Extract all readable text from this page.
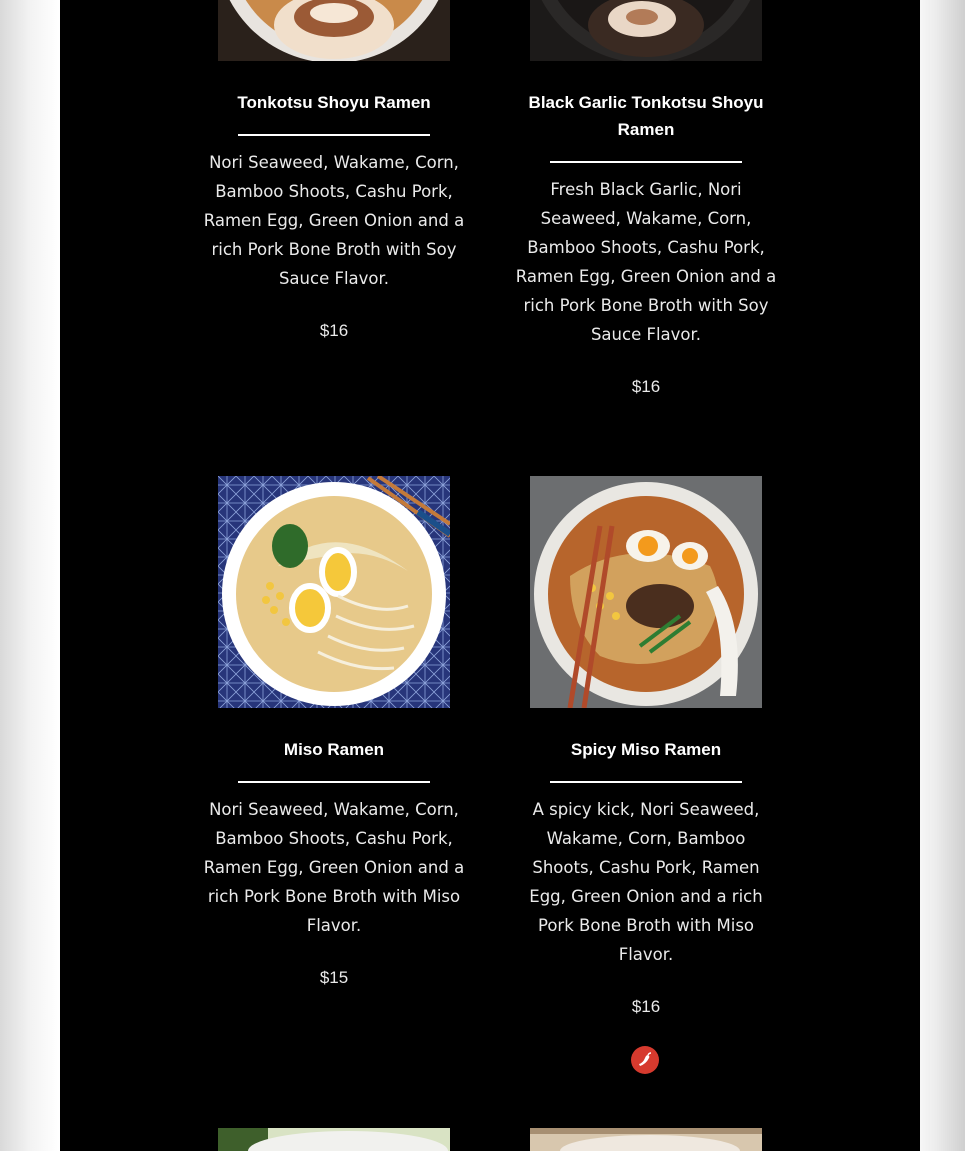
Tonkotsu Shoyu Ramen
Nori Seaweed, Wakame, Corn, Bamboo Shoots, Cashu Pork, Ramen Egg, Green Onion and a rich Pork Bone Broth with Soy Sauce Flavor.
$16
Black Garlic Tonkotsu Shoyu Ramen
Fresh Black Garlic, Nori Seaweed, Wakame, Corn, Bamboo Shoots, Cashu Pork, Ramen Egg, Green Onion and a rich Pork Bone Broth with Soy Sauce Flavor.
$16
Miso Ramen
Nori Seaweed, Wakame, Corn, Bamboo Shoots, Cashu Pork, Ramen Egg, Green Onion and a rich Pork Bone Broth with Miso Flavor.
$15
Spicy Miso Ramen
A spicy kick, Nori Seaweed, Wakame, Corn, Bamboo Shoots, Cashu Pork, Ramen Egg, Green Onion and a rich Pork Bone Broth with Miso Flavor.
$16
